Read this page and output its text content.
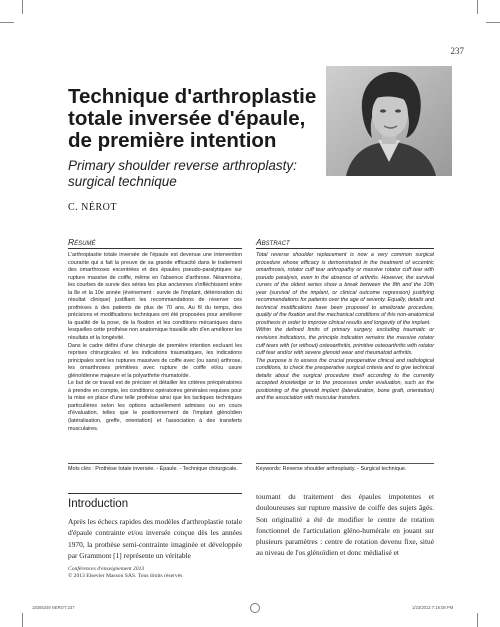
237
Technique d'arthroplastie
totale inversée d'épaule,
de première intention
Primary shoulder reverse arthroplasty:
surgical technique
C. NÉROT
Résumé

L'arthroplastie totale inversée de l'épaule est devenue une intervention courante qui a fait la preuve de sa grande efficacité dans le traitement des omarthroses excentrées et des épaules pseudo-paralytiques sur rupture massive de coiffe, même en l'absence d'arthrose. Néanmoins, les courbes de survie des séries les plus anciennes s'infléchissent entre la 8e et la 10e année (événement : survie de l'implant, détérioration du résultat clinique) justifiant les recommandations de réserver ces prothèses à des patients de plus de 70 ans. Au fil du temps, des précisions et modifications techniques ont été proposées pour améliorer la qualité de la pose, de la fixation et les conditions mécaniques dans lesquelles cette prothèse non anatomique travaille afin d'en améliorer les résultats et la longévité.

Dans le cadre défini d'une chirurgie de première intention excluant les reprises chirurgicales et les indications traumatiques, les indications principales sont les ruptures massives de coiffe avec (ou sans) arthrose, les omarthroses primitives avec rupture de coiffe et/ou usure glénoïdienne majeure et la polyarthrite rhumatoïde.

Le but de ce travail est de préciser et détailler les critères préopératoires à prendre en compte, les conditions opératoires générales requises pour la mise en place d'une telle prothèse ainsi que les tactiques techniques particulières selon les options actuellement admises ou en cours d'évaluation, telles que le positionnement de l'implant glénoïdien (latéralisation, greffe, orientation) et l'association à des transferts musculaires.

Mots clés : Prothèse totale inversée. - Épaule. - Technique chirurgicale.
Abstract

Total reverse shoulder replacement is now a very common surgical procedure whose efficacy is demonstrated in the treatment of eccentric omarthrosis, rotator cuff tear arthropathy or massive rotator cuff tear with pseudo paralysis, even in the absence of arthritis. However, the survival curves of the oldest series show a break between the 8th and the 10th year (survival of the implant, or clinical outcome regression) justifying recommendations for patients over the age of seventy. Equally, details and technical modifications have been proposed to ameliorate procedure, quality of the fixation and the mechanical conditions of this non-anatomical prosthesis in order to improve clinical results and longevity of the implant.

Within the defined limits of primary surgery, excluding traumatic or revisions indications, the principle indication remains the massive rotator cuff tears with (or without) osteoarthritis, primitive osteoarthritis with rotator cuff tear and/or with severe glenoid wear and rheumatoid arthritis.

The purpose is to assess the crucial preoperative clinical and radiological conditions, to check the preoperative surgical criteria and to give technical details about the surgical procedure itself according to the currently accepted knowledge or to the processes under evaluation, such as the positioning of the glenoid implant (lateralization, bone graft, orientation) and the association with muscular transfers.

Keywords: Reverse shoulder arthroplasty. - Surgical technique.
Introduction
Après les échecs rapides des modèles d'arthroplastie totale d'épaule contrainte et/ou inversée conçue dès les années 1970, la prothèse semi-contrainte imaginée et développée par Grammont [1] représente un véritable
tournant du traitement des épaules impotentes et douloureuses sur rupture massive de coiffe des sujets âgés. Son originalité a été de modifier le centre de rotation fonctionnel de l'articulation gléno-humérale en jouant sur plusieurs paramètres : centre de rotation devenu fixe, situé au niveau de l'os glénoïdien et donc médialisé et
Conférences d'enseignement 2013
© 2013 Elsevier Masson SAS. Tous droits réservés
18305349 NEROT 237	1/23/2013 7:16:08 PM
